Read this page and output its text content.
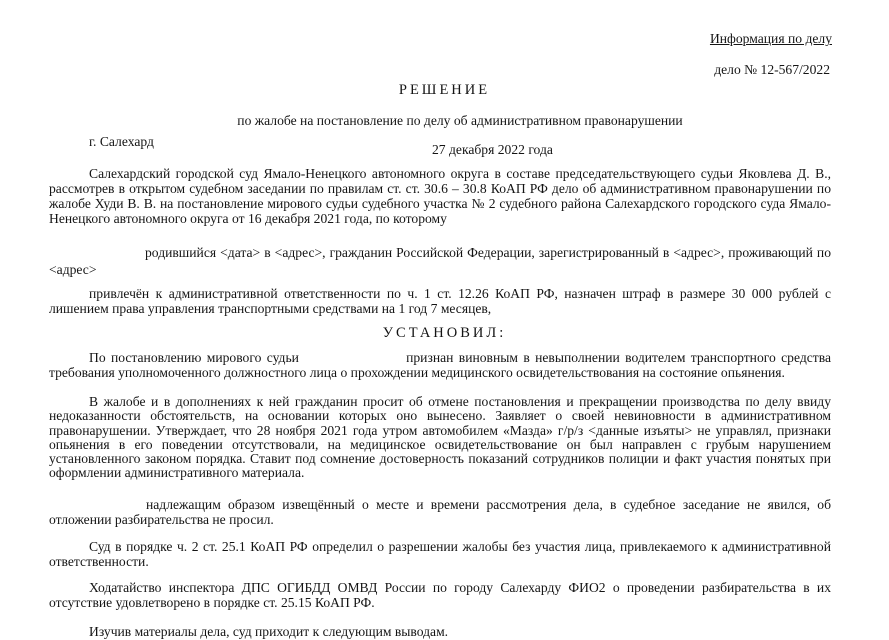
Информация по делу
дело № 12-567/2022
РЕШЕНИЕ
по жалобе на постановление по делу об административном правонарушении
г. Салехард
27 декабря 2022 года
Салехардский городской суд Ямало-Ненецкого автономного округа в составе председательствующего судьи Яковлева Д. В., рассмотрев в открытом судебном заседании по правилам ст. ст. 30.6 – 30.8 КоАП РФ дело об административном правонарушении по жалобе Худи В. В. на постановление мирового судьи судебного участка № 2 судебного района Салехардского городского суда Ямало-Ненецкого автономного округа от 16 декабря 2021 года, по которому
родившийся <дата> в <адрес>, гражданин Российской Федерации, зарегистрированный в <адрес>, проживающий по <адрес>
привлечён к административной ответственности по ч. 1 ст. 12.26 КоАП РФ, назначен штраф в размере 30 000 рублей с лишением права управления транспортными средствами на 1 год 7 месяцев,
УСТАНОВИЛ:
По постановлению мирового судьи                    признан виновным в невыполнении водителем транспортного средства требования уполномоченного должностного лица о прохождении медицинского освидетельствования на состояние опьянения.
В жалобе и в дополнениях к ней гражданин просит об отмене постановления и прекращении производства по делу ввиду недоказанности обстоятельств, на основании которых оно вынесено. Заявляет о своей невиновности в административном правонарушении. Утверждает, что 28 ноября 2021 года утром автомобилем «Мазда» г/р/з <данные изъяты> не управлял, признаки опьянения в его поведении отсутствовали, на медицинское освидетельствование он был направлен с грубым нарушением установленного законом порядка. Ставит под сомнение достоверность показаний сотрудников полиции и факт участия понятых при оформлении административного материала.
надлежащим образом извещённый о месте и времени рассмотрения дела, в судебное заседание не явился, об отложении разбирательства не просил.
Суд в порядке ч. 2 ст. 25.1 КоАП РФ определил о разрешении жалобы без участия лица, привлекаемого к административной ответственности.
Ходатайство инспектора ДПС ОГИБДД ОМВД России по городу Салехарду ФИО2 о проведении разбирательства в их отсутствие удовлетворено в порядке ст. 25.15 КоАП РФ.
Изучив материалы дела, суд приходит к следующим выводам.
